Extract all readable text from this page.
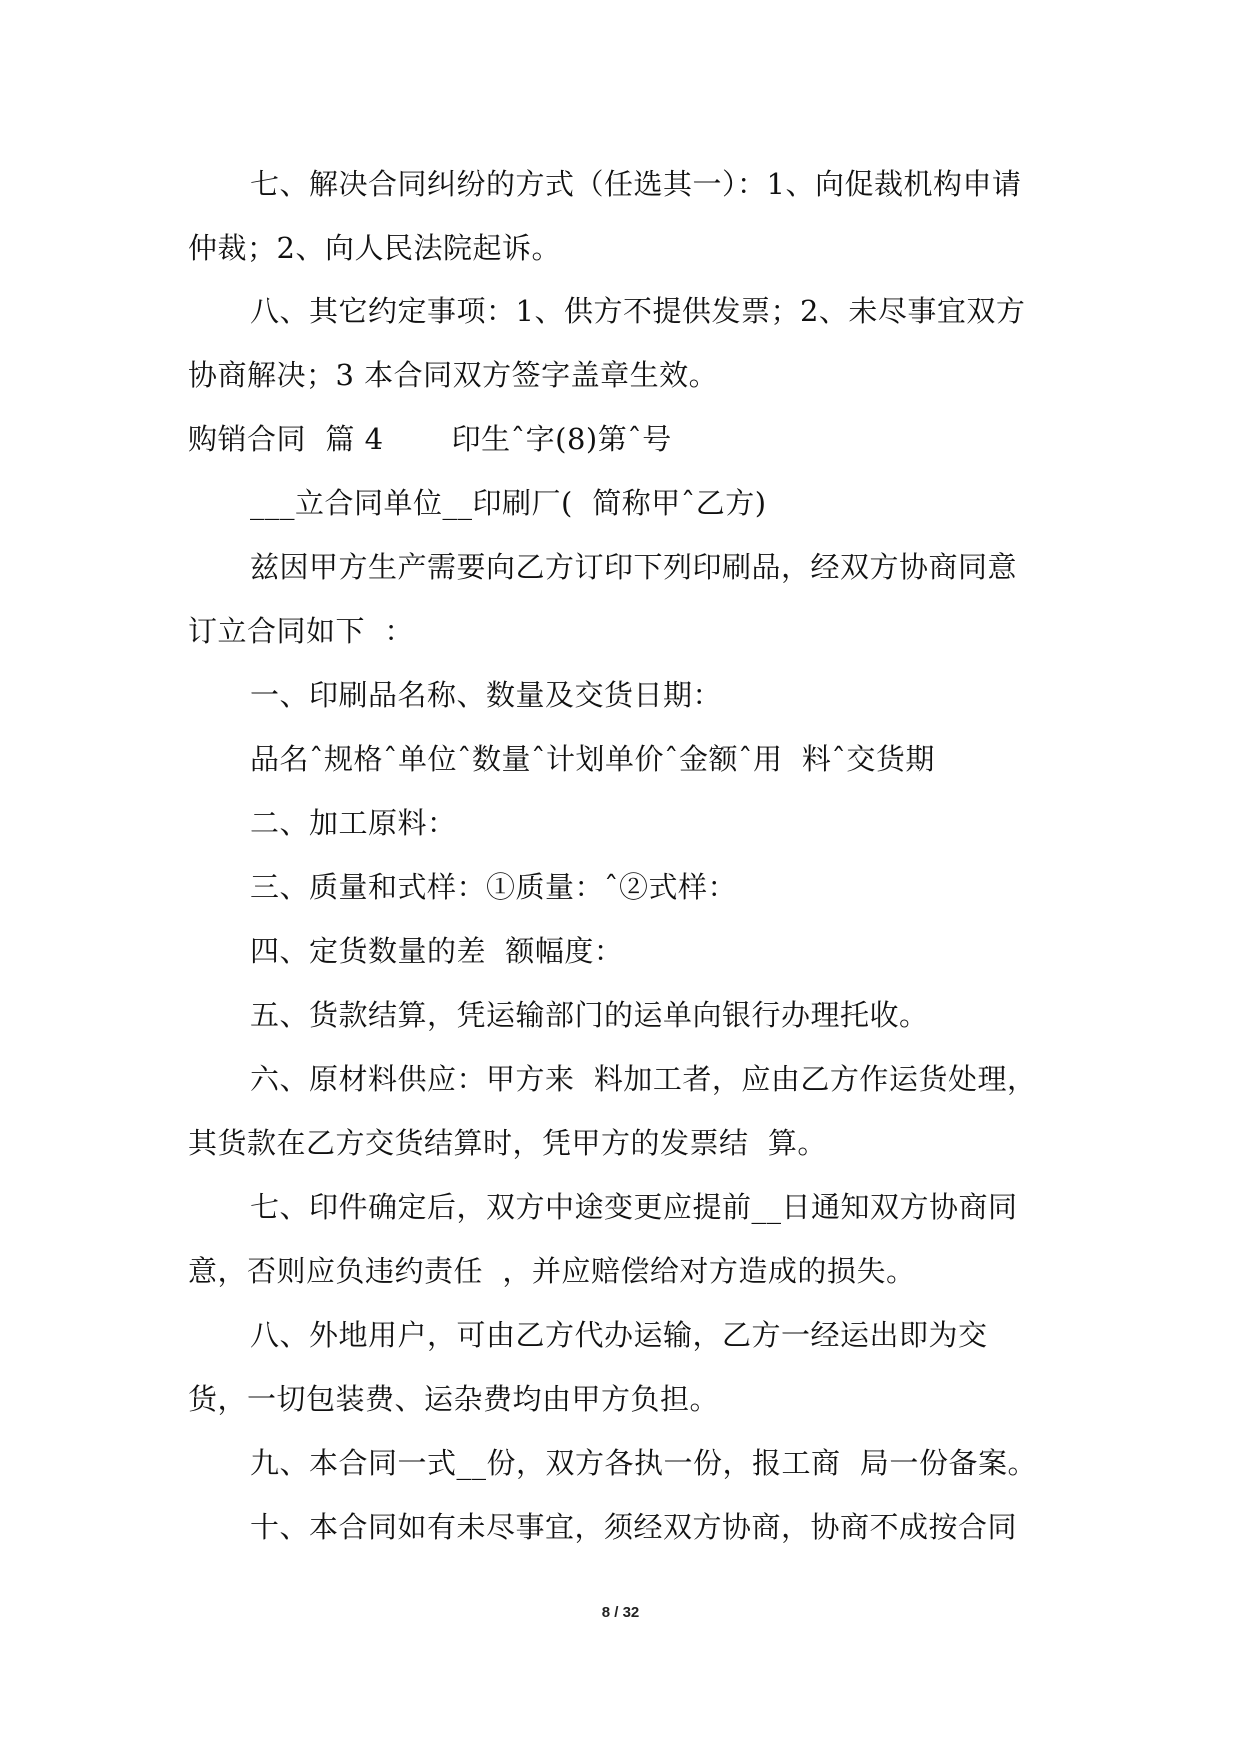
七、解决合同纠纷的方式（任选其一）：1、向促裁机构申请
仲裁；2、向人民法院起诉。
八、其它约定事项：1、供方不提供发票；2、未尽事宜双方
协商解决；3 本合同双方签字盖章生效。
购销合同  篇 4       印生ˆ字(8)第ˆ号
___立合同单位__印刷厂(  简称甲ˆ乙方)
兹因甲方生产需要向乙方订印下列印刷品，经双方协商同意
订立合同如下  ：
一、印刷品名称、数量及交货日期：
品名ˆ规格ˆ单位ˆ数量ˆ计划单价ˆ金额ˆ用  料ˆ交货期
二、加工原料：
三、质量和式样：①质量：ˆ②式样：
四、定货数量的差  额幅度：
五、货款结算，凭运输部门的运单向银行办理托收。
六、原材料供应：甲方来  料加工者，应由乙方作运货处理，
其货款在乙方交货结算时，凭甲方的发票结  算。
七、印件确定后，双方中途变更应提前__日通知双方协商同
意，否则应负违约责任  ，并应赔偿给对方造成的损失。
八、外地用户，可由乙方代办运输，乙方一经运出即为交
货，一切包装费、运杂费均由甲方负担。
九、本合同一式__份，双方各执一份，报工商  局一份备案。
十、本合同如有未尽事宜，须经双方协商，协商不成按合同
8 / 32
